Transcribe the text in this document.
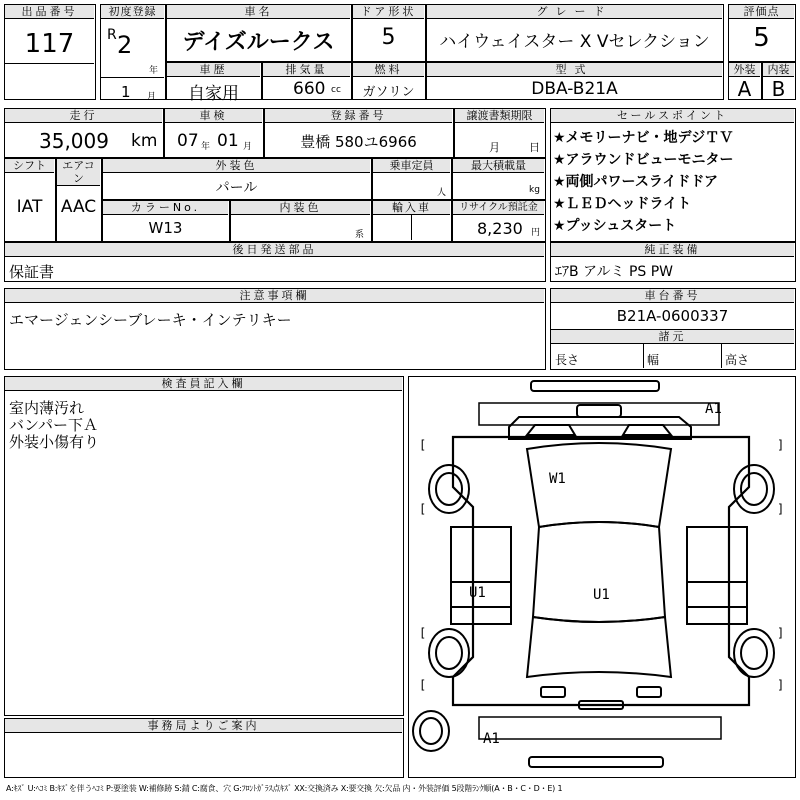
出品番号
117
初度登録
R 2
年
1 月
車名
デイズルークス
ドア形状
5
グレード
ハイウェイスター X Vセレクション
評価点
5
車歴
自家用
排気量
660 cc
燃料
ガソリン
型式
DBA-B21A
外装
A
内装
B
走行
35,009 km
車検
07 年 01 月
登録番号
豊橋 580ユ6966
譲渡書類期限
月	日
セールスポイント
★メモリーナビ・地デジＴＶ
★アラウンドビューモニター
★両側パワースライドドア
★ＬＥＤヘッドライト
★プッシュスタート
シフト
IAT
エアコン
AAC
外装色
パール
乗車定員
人
最大積載量
kg
カラーNo.
W13
内装色
系
輸入車	リサイクル預託金
8,230 円
後日発送部品
保証書
純正装備
ｴｱB アルミ PS PW
注意事項欄
エマージェンシーブレーキ・インテリキー
車台番号
B21A-0600337
諸元
長さ	幅	高さ
検査員記入欄
室内薄汚れ
バンパー下Ａ
外装小傷有り
事務局よりご案内
[	]
[	]
[	]
[	]
A1
W1
U1	U1
A1
A:ｷｽﾞ U:ﾍｺﾐ B:ｷｽﾞを伴うﾍｺﾐ P:要塗装 W:補修跡 S:錆 C:腐食、穴 G:ﾌﾛﾝﾄｶﾞﾗｽ点ｷｽﾞ XX:交換済み X:要交換 欠:欠品 内・外装評価 5段階ﾗﾝｸ順(A・B・C・D・E) 1
